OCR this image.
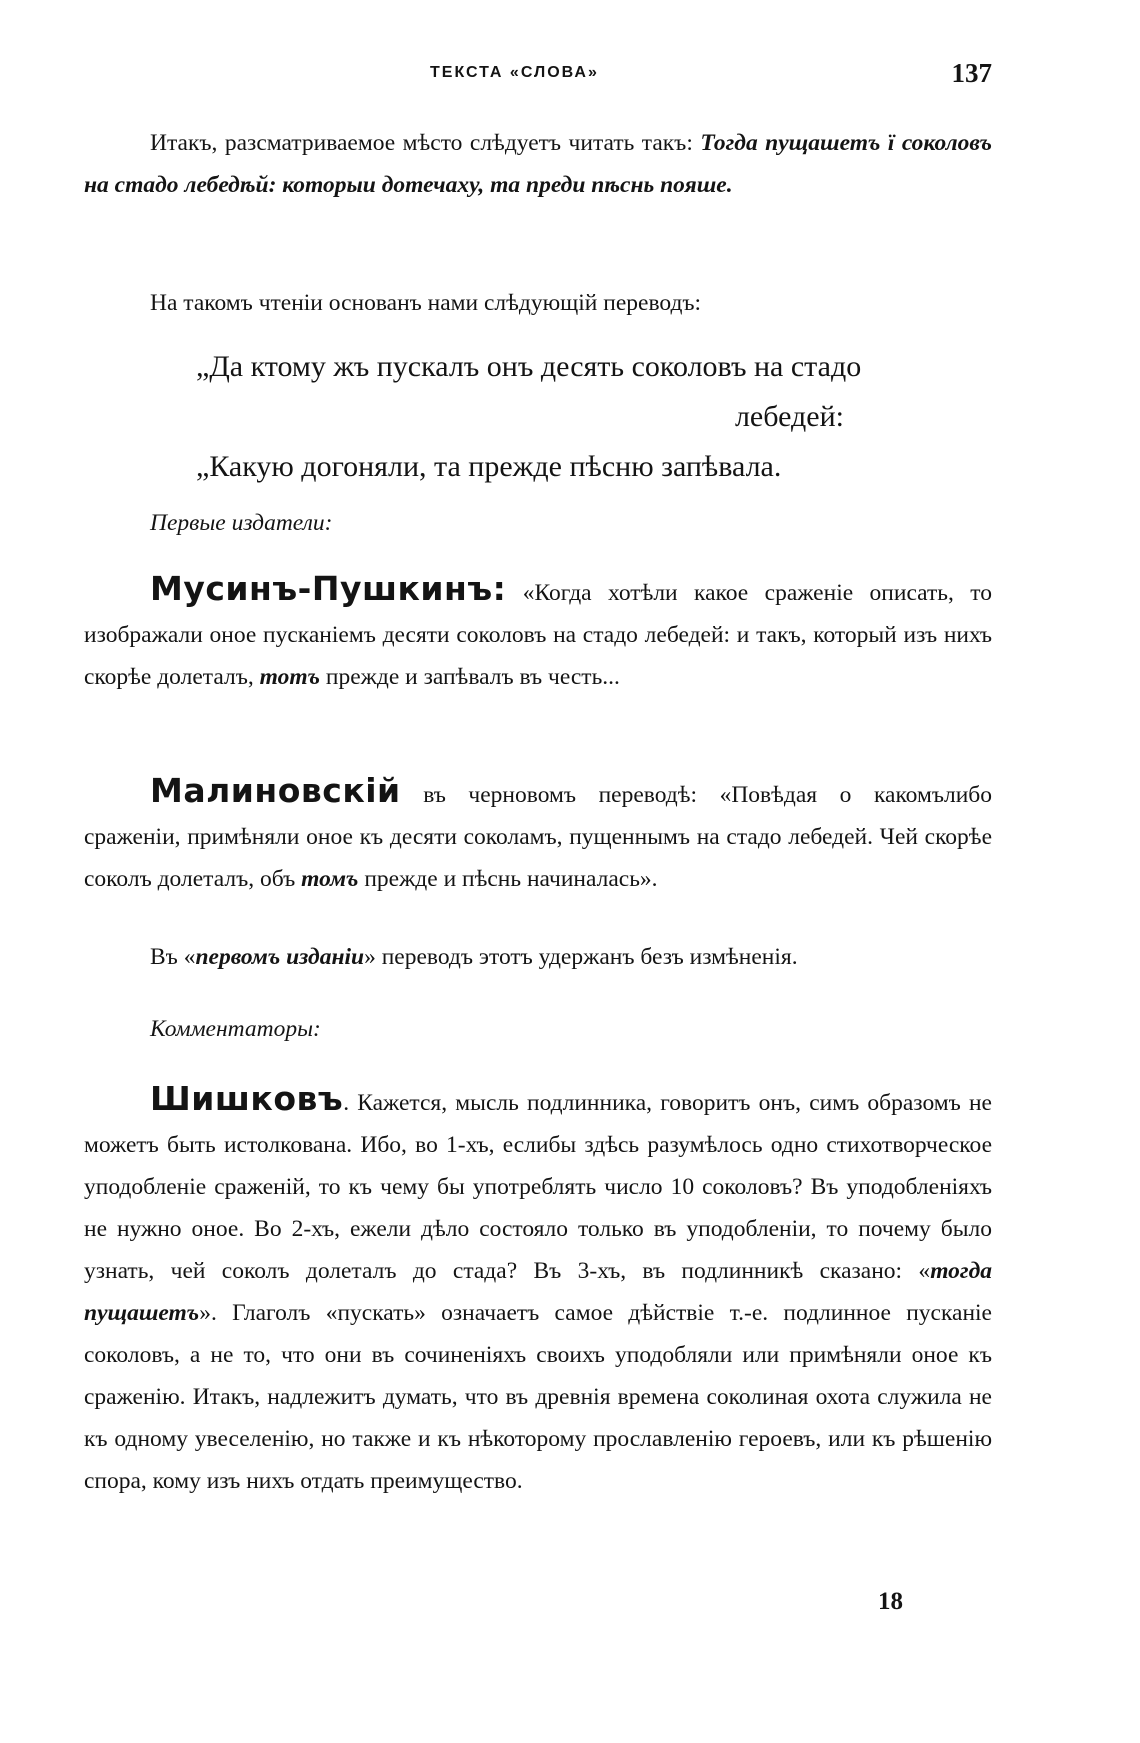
ТЕКСТА «СЛОВА»	137

Итакъ, разсматриваемое мѣсто слѣдуетъ читать такъ: Тогда пущашетъ ї соколовъ на стадо лебедѣй: которыи дотечаху, та преди пѣснь пояше.

На такомъ чтеніи основанъ нами слѣдующій переводъ:

„Да ктому жъ пускалъ онъ десять соколовъ на стадо
лебедей:
„Какую догоняли, та прежде пѣсню запѣвала.

Первые издатели:

Мусинъ-Пушкинъ: «Когда хотѣли какое сраженіе описать, то изображали оное пусканіемъ десяти соколовъ на стадо лебедей: и такъ, который изъ нихъ скорѣе долеталъ, тотъ прежде и запѣвалъ въ честь...

Малиновскій въ черновомъ переводѣ: «Повѣдая о какомълибо сраженіи, примѣняли оное къ десяти соколамъ, пущеннымъ на стадо лебедей. Чей скорѣе соколъ долеталъ, объ томъ прежде и пѣснь начиналась».

Въ «первомъ изданіи» переводъ этотъ удержанъ безъ измѣненія.

Комментаторы:

Шишковъ. Кажется, мысль подлинника, говоритъ онъ, симъ образомъ не можетъ быть истолкована. Ибо, во 1-хъ, еслибы здѣсь разумѣлось одно стихотворческое уподобленіе сраженій, то къ чему бы употреблять число 10 соколовъ? Въ уподобленіяхъ не нужно оное. Во 2-хъ, ежели дѣло состояло только въ уподобленіи, то почему было узнать, чей соколъ долеталъ до стада? Въ 3-хъ, въ подлинникѣ сказано: «тогда пущашетъ». Глаголъ «пускать» означаетъ самое дѣйствіе т.-е. подлинное пусканіе соколовъ, а не то, что они въ сочиненіяхъ своихъ уподобляли или примѣняли оное къ сраженію. Итакъ, надлежитъ думать, что въ древнія времена соколиная охота служила не къ одному увеселенію, но также и къ нѣкоторому прославленію героевъ, или къ рѣшенію спора, кому изъ нихъ отдать преимущество.

18
